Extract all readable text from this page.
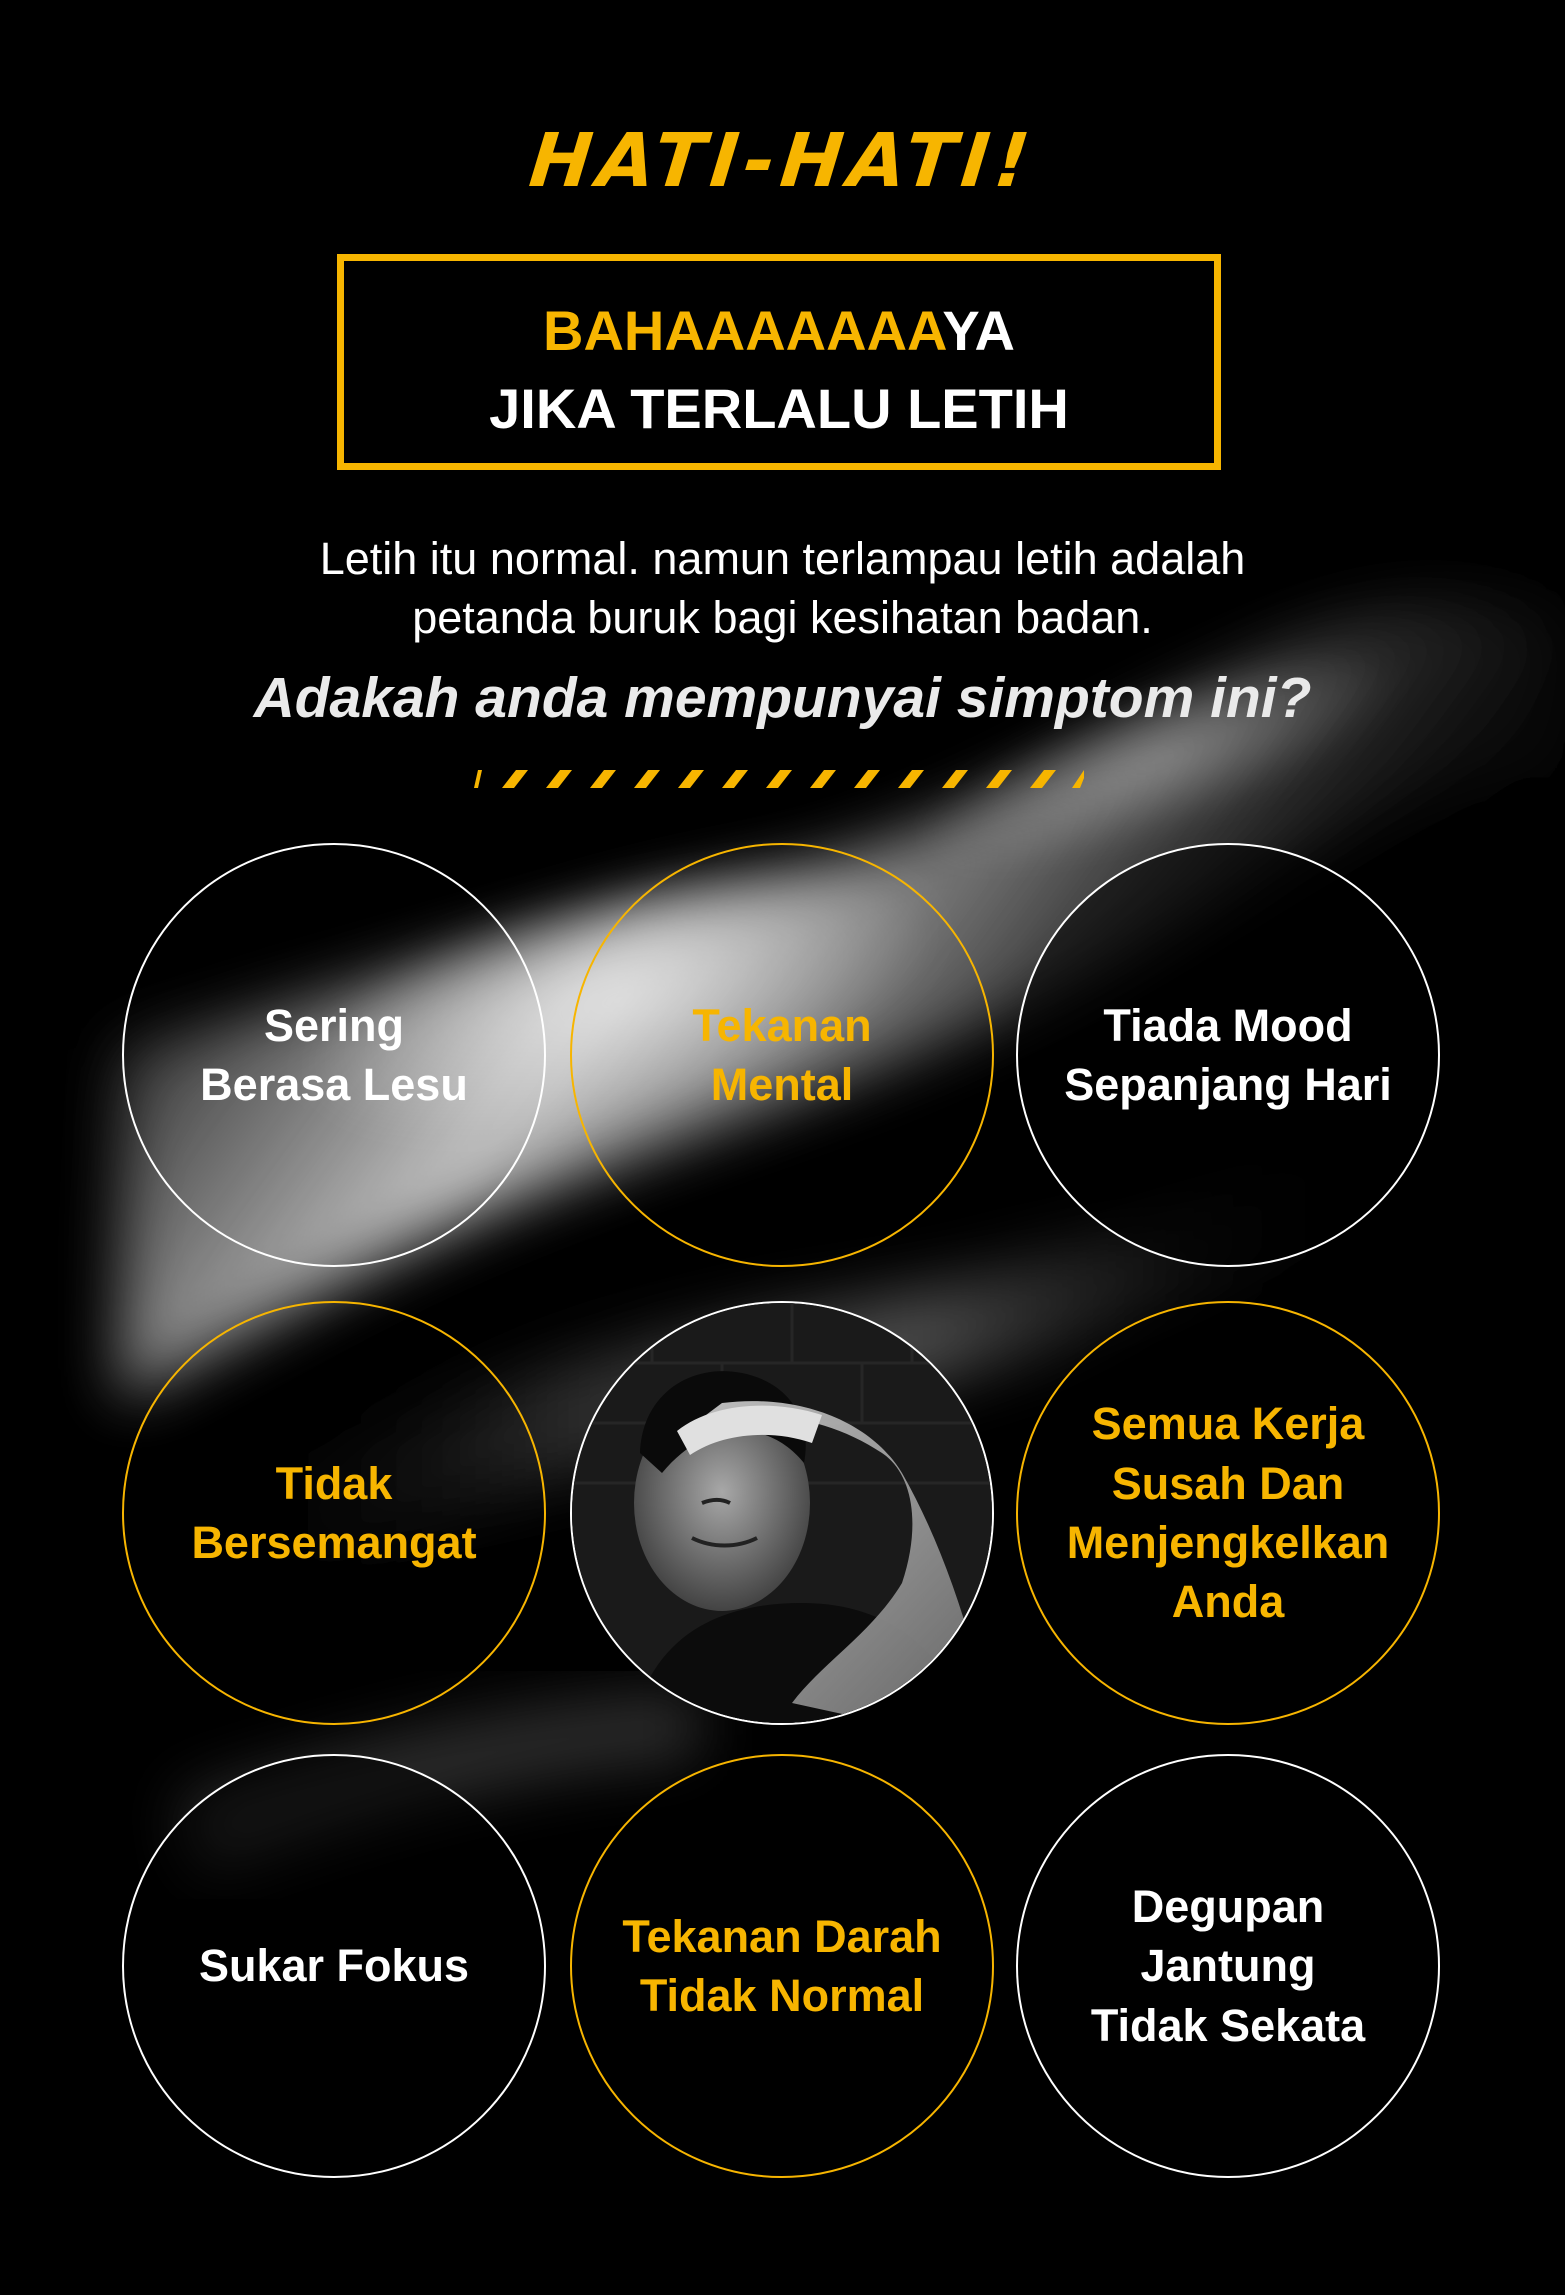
HATI-HATI!
BAHAAAAAAAYA
JIKA TERLALU LETIH
Letih itu normal. namun terlampau letih adalah
petanda buruk bagi kesihatan badan.
Adakah anda mempunyai simptom ini?
Sering
Berasa Lesu
Tekanan
Mental
Tiada Mood
Sepanjang Hari
Tidak
Bersemangat
Semua Kerja
Susah Dan
Menjengkelkan
Anda
Sukar Fokus
Tekanan Darah
Tidak Normal
Degupan
Jantung
Tidak Sekata
